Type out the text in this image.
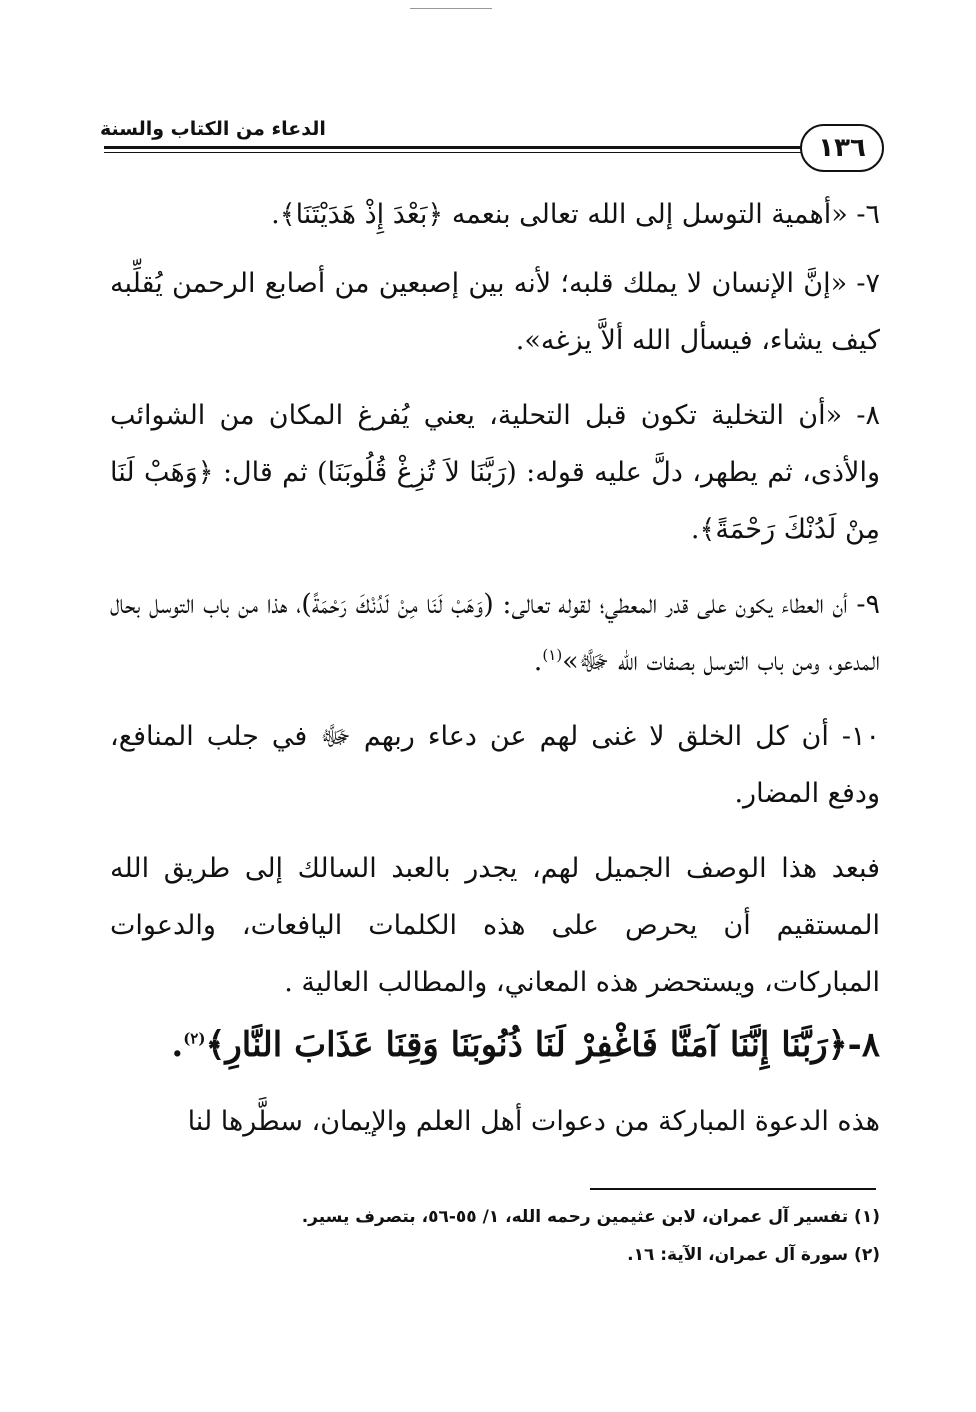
الدعاء من الكتاب والسنة
١٣٦

٦- «أهمية التوسل إلى الله تعالى بنعمه ﴿بَعْدَ إِذْ هَدَيْتَنَا﴾.

٧- «إنَّ الإنسان لا يملك قلبه؛ لأنه بين إصبعين من أصابع الرحمن يُقلِّبه كيف يشاء، فيسأل الله ألاَّ يزغه».

٨- «أن التخلية تكون قبل التحلية، يعني يُفرغ المكان من الشوائب والأذى، ثم يطهر، دلَّ عليه قوله: (رَبَّنَا لاَ تُزِغْ قُلُوبَنَا) ثم قال: ﴿وَهَبْ لَنَا مِنْ لَدُنْكَ رَحْمَةً﴾.

٩- أن العطاء يكون على قدر المعطي؛ لقوله تعالى: (وَهَبْ لَنَا مِنْ لَدُنْكَ رَحْمَةً)، هذا من باب التوسل بحال المدعو، ومن باب التوسل بصفات الله ﷻ»$^{(١)}$.

١٠- أن كل الخلق لا غنى لهم عن دعاء ربهم ﷻ في جلب المنافع، ودفع المضار.

فبعد هذا الوصف الجميل لهم، يجدر بالعبد السالك إلى طريق الله المستقيم أن يحرص على هذه الكلمات اليافعات، والدعوات المباركات، ويستحضر هذه المعاني، والمطالب العالية .

٨-﴿رَبَّنَا إِنَّنَا آمَنَّا فَاغْفِرْ لَنَا ذُنُوبَنَا وَقِنَا عَذَابَ النَّارِ﴾$^{(٢)}$.

هذه الدعوة المباركة من دعوات أهل العلم والإيمان، سطَّرها لنا

(١) تفسير آل عمران، لابن عثيمين رحمه الله، ١/ ٥٥-٥٦، بتصرف يسير.
(٢) سورة آل عمران، الآية: ١٦.
